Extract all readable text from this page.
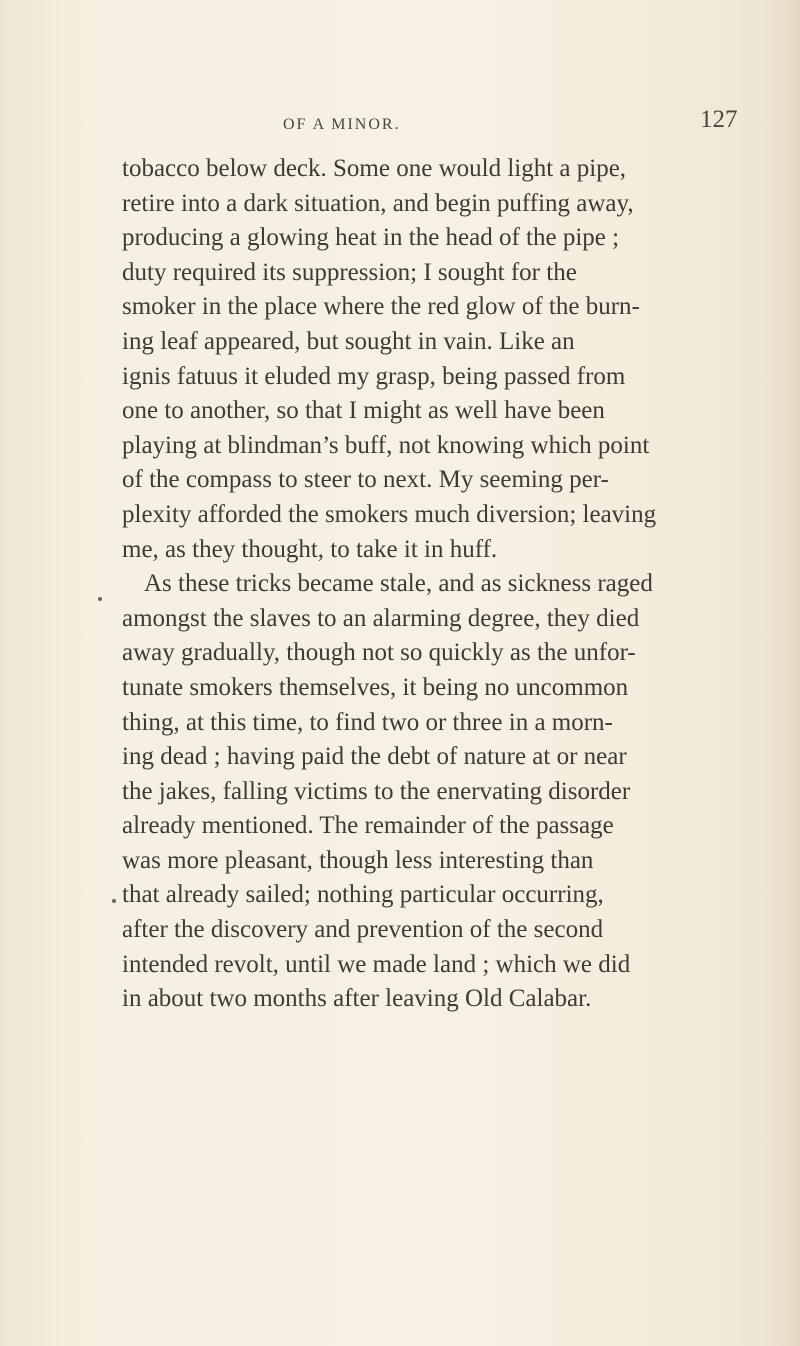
OF A MINOR.	127
tobacco below deck. Some one would light a pipe,
retire into a dark situation, and begin puffing away,
producing a glowing heat in the head of the pipe ;
duty required its suppression; I sought for the
smoker in the place where the red glow of the burn-
ing leaf appeared, but sought in vain. Like an
ignis fatuus it eluded my grasp, being passed from
one to another, so that I might as well have been
playing at blindman’s buff, not knowing which point
of the compass to steer to next. My seeming per-
plexity afforded the smokers much diversion; leaving
me, as they thought, to take it in huff.
As these tricks became stale, and as sickness raged
amongst the slaves to an alarming degree, they died
away gradually, though not so quickly as the unfor-
tunate smokers themselves, it being no uncommon
thing, at this time, to find two or three in a morn-
ing dead ; having paid the debt of nature at or near
the jakes, falling victims to the enervating disorder
already mentioned. The remainder of the passage
was more pleasant, though less interesting than
that already sailed; nothing particular occurring,
after the discovery and prevention of the second
intended revolt, until we made land ; which we did
in about two months after leaving Old Calabar.
